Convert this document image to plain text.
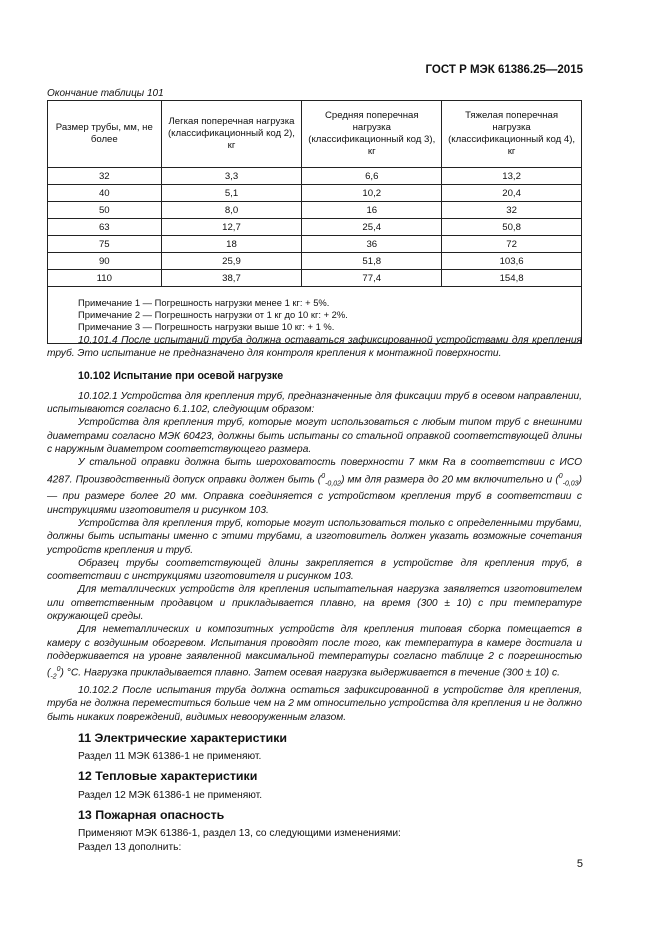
ГОСТ Р МЭК 61386.25—2015
Окончание таблицы 101
Размер трубы, мм, не более	Легкая поперечная нагрузка (классификационный код 2), кг	Средняя поперечная нагрузка (классификационный код 3), кг	Тяжелая поперечная нагрузка (классификационный код 4), кг
32	3,3	6,6	13,2
40	5,1	10,2	20,4
50	8,0	16	32
63	12,7	25,4	50,8
75	18	36	72
90	25,9	51,8	103,6
110	38,7	77,4	154,8

Примечание 1 — Погрешность нагрузки менее 1 кг: + 5%.
Примечание 2 — Погрешность нагрузки от 1 кг до 10 кг: + 2%.
Примечание 3 — Погрешность нагрузки выше 10 кг: + 1 %.			

10.101.4 После испытаний труба должна оставаться зафиксированной устройствами для крепления труб. Это испытание не предназначено для контроля крепления к монтажной поверхности.

10.102 Испытание при осевой нагрузке

10.102.1 Устройства для крепления труб, предназначенные для фиксации труб в осевом направлении, испытываются согласно 6.1.102, следующим образом:

Устройства для крепления труб, которые могут использоваться с любым типом труб с внешними диаметрами согласно МЭК 60423, должны быть испытаны со стальной оправкой соответствующей длины с наружным диаметром соответствующего размера.

У стальной оправки должна быть шероховатость поверхности 7 мкм Ra в соответствии с ИСО 4287. Производственный допуск оправки должен быть ($^0_{-0,02}$) мм для размера до 20 мм включительно и ($^0_{-0,03}$) — при размере более 20 мм. Оправка соединяется с устройством крепления труб в соответствии с инструкциями изготовителя и рисунком 103.

Устройства для крепления труб, которые могут использоваться только с определенными трубами, должны быть испытаны именно с этими трубами, а изготовитель должен указать возможные сочетания устройств крепления и труб.

Образец трубы соответствующей длины закрепляется в устройстве для крепления труб, в соответствии с инструкциями изготовителя и рисунком 103.

Для металлических устройств для крепления испытательная нагрузка заявляется изготовителем или ответственным продавцом и прикладывается плавно, на время (300 ± 10) с при температуре окружающей среды.

Для неметаллических и композитных устройств для крепления типовая сборка помещается в камеру с воздушным обогревом. Испытания проводят после того, как температура в камере достигла и поддерживается на уровне заявленной максимальной температуры согласно таблице 2 с погрешностью $(_{-2}^0)$ °С. Нагрузка прикладывается плавно. Затем осевая нагрузка выдерживается в течение (300 ± 10) с.

10.102.2 После испытания труба должна остаться зафиксированной в устройстве для крепления, труба не должна переместиться больше чем на 2 мм относительно устройства для крепления и не должно быть никаких повреждений, видимых невооруженным глазом.

11 Электрические характеристики

Раздел 11 МЭК 61386-1 не применяют.

12 Тепловые характеристики

Раздел 12 МЭК 61386-1 не применяют.

13 Пожарная опасность

Применяют МЭК 61386-1, раздел 13, со следующими изменениями:

Раздел 13 дополнить:

5
